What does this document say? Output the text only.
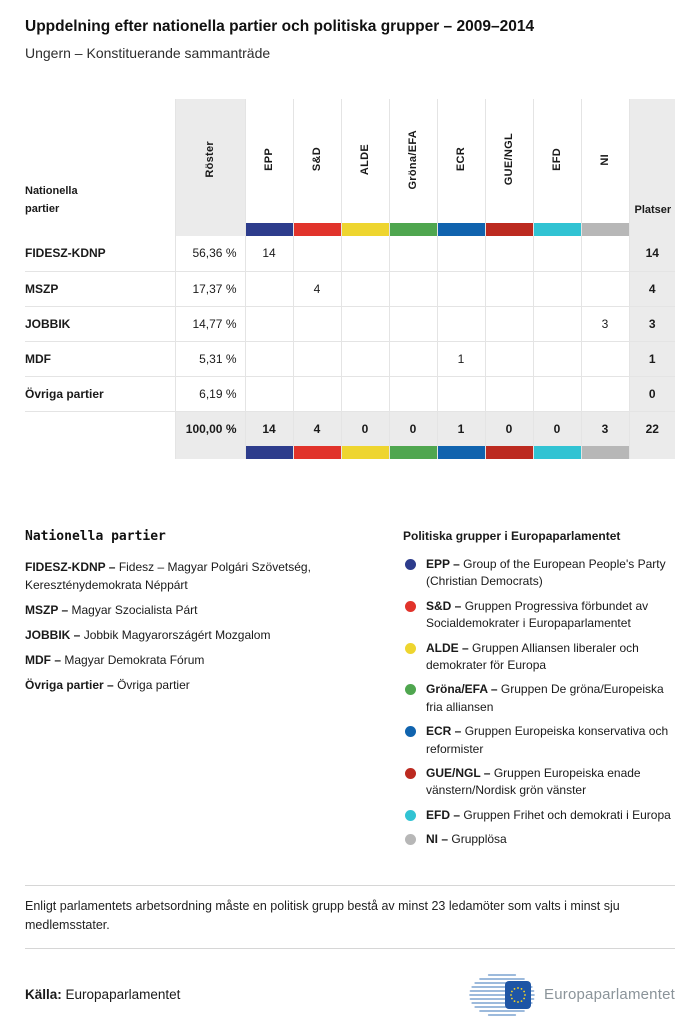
Uppdelning efter nationella partier och politiska grupper – 2009–2014
Ungern – Konstituerande sammanträde
Nationella partier	Röster	EPP	S&D	ALDE	Gröna/EFA	ECR	GUE/NGL	EFD	NI	Platser

FIDESZ-KDNP	56,36 %	14								14
MSZP	17,37 %		4							4
JOBBIK	14,77 %								3	3
MDF	5,31 %					1				1
Övriga partier	6,19 %									0
	100,00 %	14	4	0	0	1	0	0	3	22

Nationella partier

FIDESZ-KDNP – Fidesz – Magyar Polgári Szövetség, Kereszténydemokrata Néppárt

MSZP – Magyar Szocialista Párt

JOBBIK – Jobbik Magyarországért Mozgalom

MDF – Magyar Demokrata Fórum

Övriga partier – Övriga partier

Politiska grupper i Europaparlamentet
EPP – Group of the European People's Party (Christian Democrats)
S&D – Gruppen Progressiva förbundet av Socialdemokrater i Europaparlamentet
ALDE – Gruppen Alliansen liberaler och demokrater för Europa
Gröna/EFA – Gruppen De gröna/Europeiska fria alliansen
ECR – Gruppen Europeiska konservativa och reformister
GUE/NGL – Gruppen Europeiska enade vänstern/Nordisk grön vänster
EFD – Gruppen Frihet och demokrati i Europa
NI – Grupplösa
Enligt parlamentets arbetsordning måste en politisk grupp bestå av minst 23 ledamöter som valts i minst sju medlemsstater.
Källa: Europaparlamentet	Europaparlamentet
